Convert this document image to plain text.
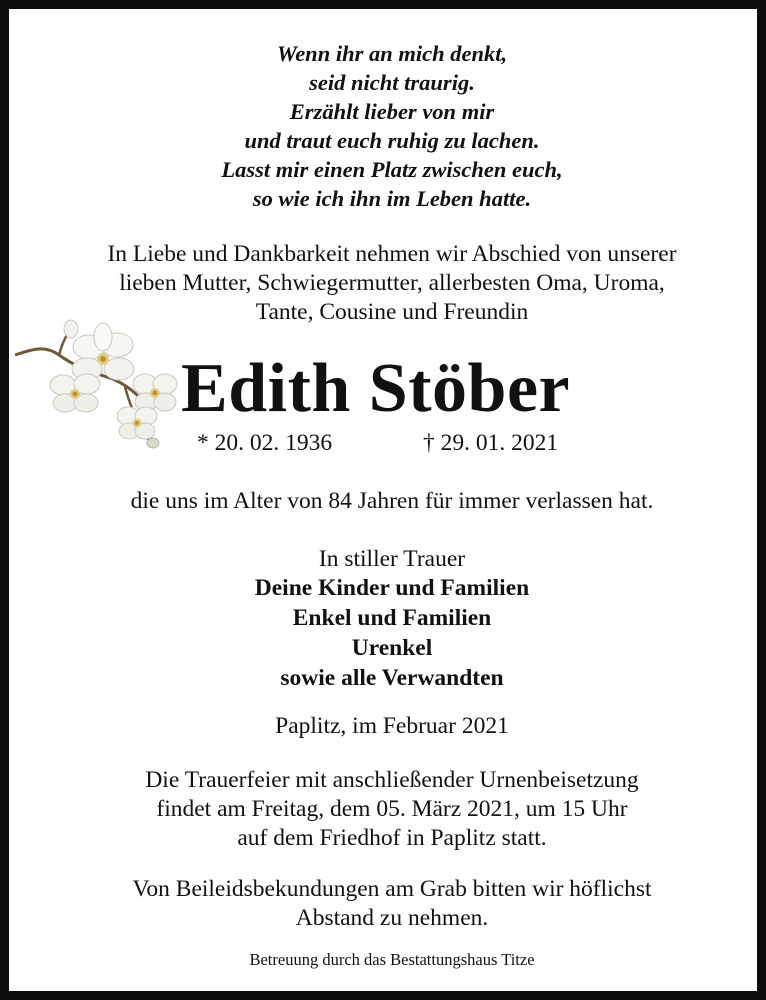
Wenn ihr an mich denkt,
seid nicht traurig.
Erzählt lieber von mir
und traut euch ruhig zu lachen.
Lasst mir einen Platz zwischen euch,
so wie ich ihn im Leben hatte.
In Liebe und Dankbarkeit nehmen wir Abschied von unserer
lieben Mutter, Schwiegermutter, allerbesten Oma, Uroma,
Tante, Cousine und Freundin
Edith Stöber
* 20. 02. 1936	† 29. 01. 2021
die uns im Alter von 84 Jahren für immer verlassen hat.
In stiller Trauer
Deine Kinder und Familien
Enkel und Familien
Urenkel
sowie alle Verwandten
Paplitz, im Februar 2021
Die Trauerfeier mit anschließender Urnenbeisetzung
findet am Freitag, dem 05. März 2021, um 15 Uhr
auf dem Friedhof in Paplitz statt.
Von Beileidsbekundungen am Grab bitten wir höflichst
Abstand zu nehmen.
Betreuung durch das Bestattungshaus Titze
